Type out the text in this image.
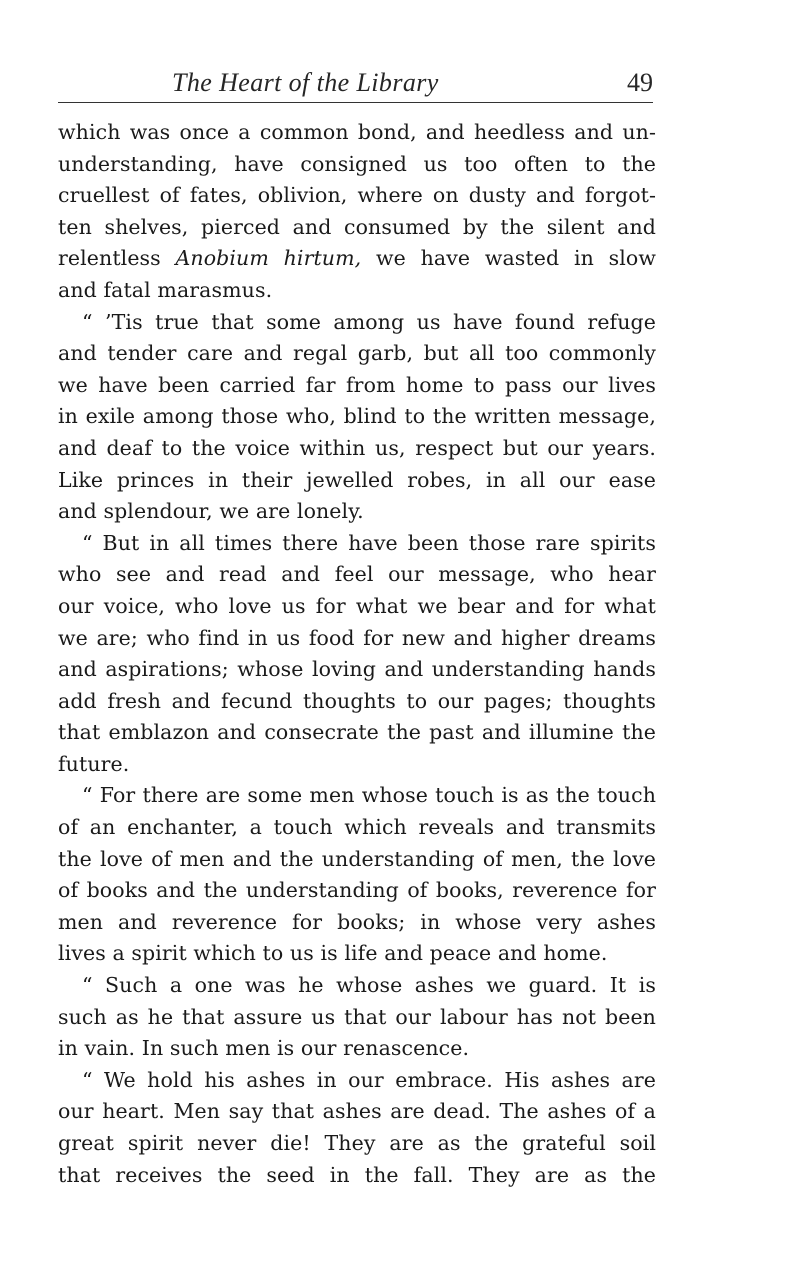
The Heart of the Library	49
which was once a common bond, and heedless and un-
understanding, have consigned us too often to the
cruellest of fates, oblivion, where on dusty and forgot-
ten shelves, pierced and consumed by the silent and
relentless Anobium hirtum, we have wasted in slow
and fatal marasmus.
“ ’Tis true that some among us have found refuge
and tender care and regal garb, but all too commonly
we have been carried far from home to pass our lives
in exile among those who, blind to the written message,
and deaf to the voice within us, respect but our years.
Like princes in their jewelled robes, in all our ease
and splendour, we are lonely.
“ But in all times there have been those rare spirits
who see and read and feel our message, who hear
our voice, who love us for what we bear and for what
we are; who find in us food for new and higher dreams
and aspirations; whose loving and understanding hands
add fresh and fecund thoughts to our pages; thoughts
that emblazon and consecrate the past and illumine the
future.
“ For there are some men whose touch is as the touch
of an enchanter, a touch which reveals and transmits
the love of men and the understanding of men, the love
of books and the understanding of books, reverence for
men and reverence for books; in whose very ashes
lives a spirit which to us is life and peace and home.
“ Such a one was he whose ashes we guard. It is
such as he that assure us that our labour has not been
in vain. In such men is our renascence.
“ We hold his ashes in our embrace. His ashes are
our heart. Men say that ashes are dead. The ashes of a
great spirit never die! They are as the grateful soil
that receives the seed in the fall. They are as the
